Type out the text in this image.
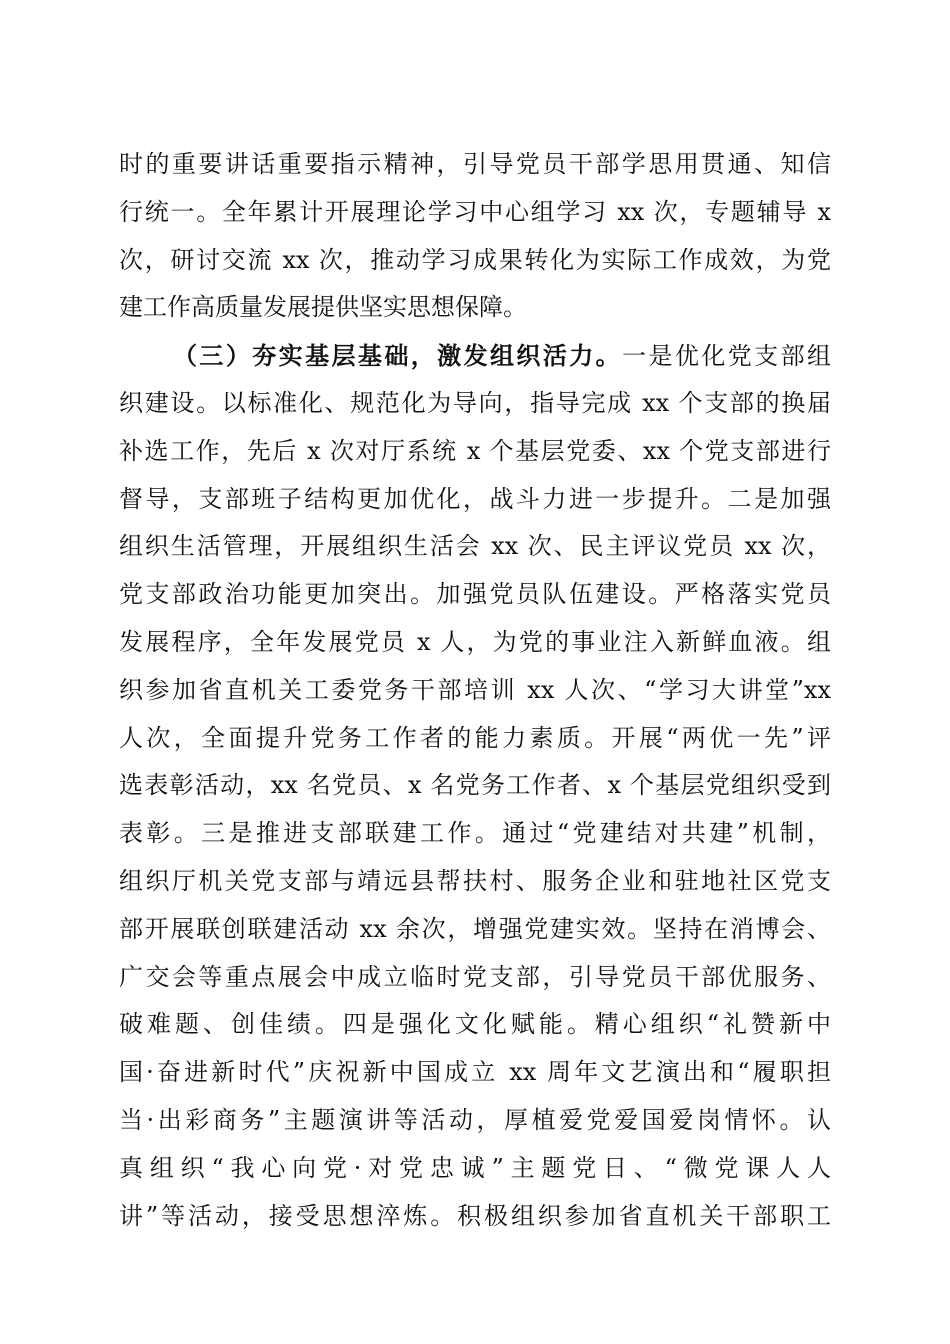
时的重要讲话重要指示精神，引导党员干部学思用贯通、知信
行统一。全年累计开展理论学习中心组学习 xx 次，专题辅导 x
次，研讨交流 xx 次，推动学习成果转化为实际工作成效，为党
建工作高质量发展提供坚实思想保障。
（三）夯实基层基础，激发组织活力。一是优化党支部组
织建设。以标准化、规范化为导向，指导完成 xx 个支部的换届
补选工作，先后 x 次对厅系统 x 个基层党委、xx 个党支部进行
督导，支部班子结构更加优化，战斗力进一步提升。二是加强
组织生活管理，开展组织生活会 xx 次、民主评议党员 xx 次，
党支部政治功能更加突出。加强党员队伍建设。严格落实党员
发展程序，全年发展党员 x 人，为党的事业注入新鲜血液。组
织参加省直机关工委党务干部培训 xx 人次、“学习大讲堂”xx
人次，全面提升党务工作者的能力素质。开展“两优一先”评
选表彰活动，xx 名党员、x 名党务工作者、x 个基层党组织受到
表彰。三是推进支部联建工作。通过“党建结对共建”机制，
组织厅机关党支部与靖远县帮扶村、服务企业和驻地社区党支
部开展联创联建活动 xx 余次，增强党建实效。坚持在消博会、
广交会等重点展会中成立临时党支部，引导党员干部优服务、
破难题、创佳绩。四是强化文化赋能。精心组织“礼赞新中
国·奋进新时代”庆祝新中国成立 xx 周年文艺演出和“履职担
当·出彩商务”主题演讲等活动，厚植爱党爱国爱岗情怀。认
真组织“我心向党·对党忠诚”主题党日、“微党课人人
讲”等活动，接受思想淬炼。积极组织参加省直机关干部职工
